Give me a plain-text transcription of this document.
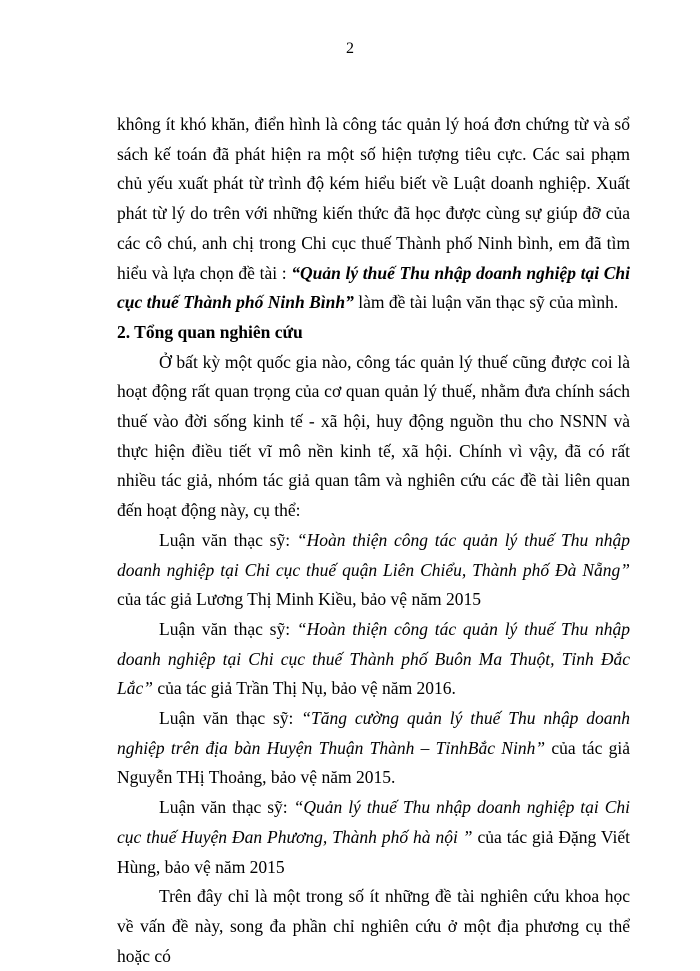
2

không ít khó khăn, điển hình là công tác quản lý hoá đơn chứng từ và sổ sách kế toán đã phát hiện ra một số hiện tượng tiêu cực. Các sai phạm chủ yếu xuất phát từ trình độ kém hiểu biết về Luật doanh nghiệp. Xuất phát từ lý do trên với những kiến thức đã học được cùng sự giúp đỡ của các cô chú, anh chị trong Chi cục thuế Thành phố Ninh bình, em đã tìm hiểu và lựa chọn đề tài : “Quản lý thuế Thu nhập doanh nghiệp tại Chi cục thuế Thành phố Ninh Bình” làm đề tài luận văn thạc sỹ của mình.

2. Tổng quan nghiên cứu

Ở bất kỳ một quốc gia nào, công tác quản lý thuế cũng được coi là hoạt động rất quan trọng của cơ quan quản lý thuế, nhằm đưa chính sách thuế vào đời sống kinh tế - xã hội, huy động nguồn thu cho NSNN và thực hiện điều tiết vĩ mô nền kinh tế, xã hội. Chính vì vậy, đã có rất nhiều tác giả, nhóm tác giả quan tâm và nghiên cứu các đề tài liên quan đến hoạt động này, cụ thể:

Luận văn thạc sỹ: “Hoàn thiện công tác quản lý thuế Thu nhập doanh nghiệp tại Chi cục thuế quận Liên Chiểu, Thành phố Đà Nẵng” của tác giả Lương Thị Minh Kiều, bảo vệ năm 2015

Luận văn thạc sỹ: “Hoàn thiện công tác quản lý thuế Thu nhập doanh nghiệp tại Chi cục thuế Thành phố Buôn Ma Thuột, Tỉnh Đắc Lắc” của tác giả Trần Thị Nụ, bảo vệ năm 2016.

Luận văn thạc sỹ: “Tăng cường quản lý thuế Thu nhập doanh nghiệp trên địa bàn Huyện Thuận Thành – TỉnhBắc Ninh” của tác giả Nguyễn THị Thoảng, bảo vệ năm 2015.

Luận văn thạc sỹ: “Quản lý thuế Thu nhập doanh nghiệp tại Chi cục thuế Huyện Đan Phương, Thành phố hà nội ” của tác giả Đặng Viết Hùng, bảo vệ năm 2015

Trên đây chỉ là một trong số ít những đề tài nghiên cứu khoa học về vấn đề này, song đa phần chỉ nghiên cứu ở một địa phương cụ thể hoặc có
